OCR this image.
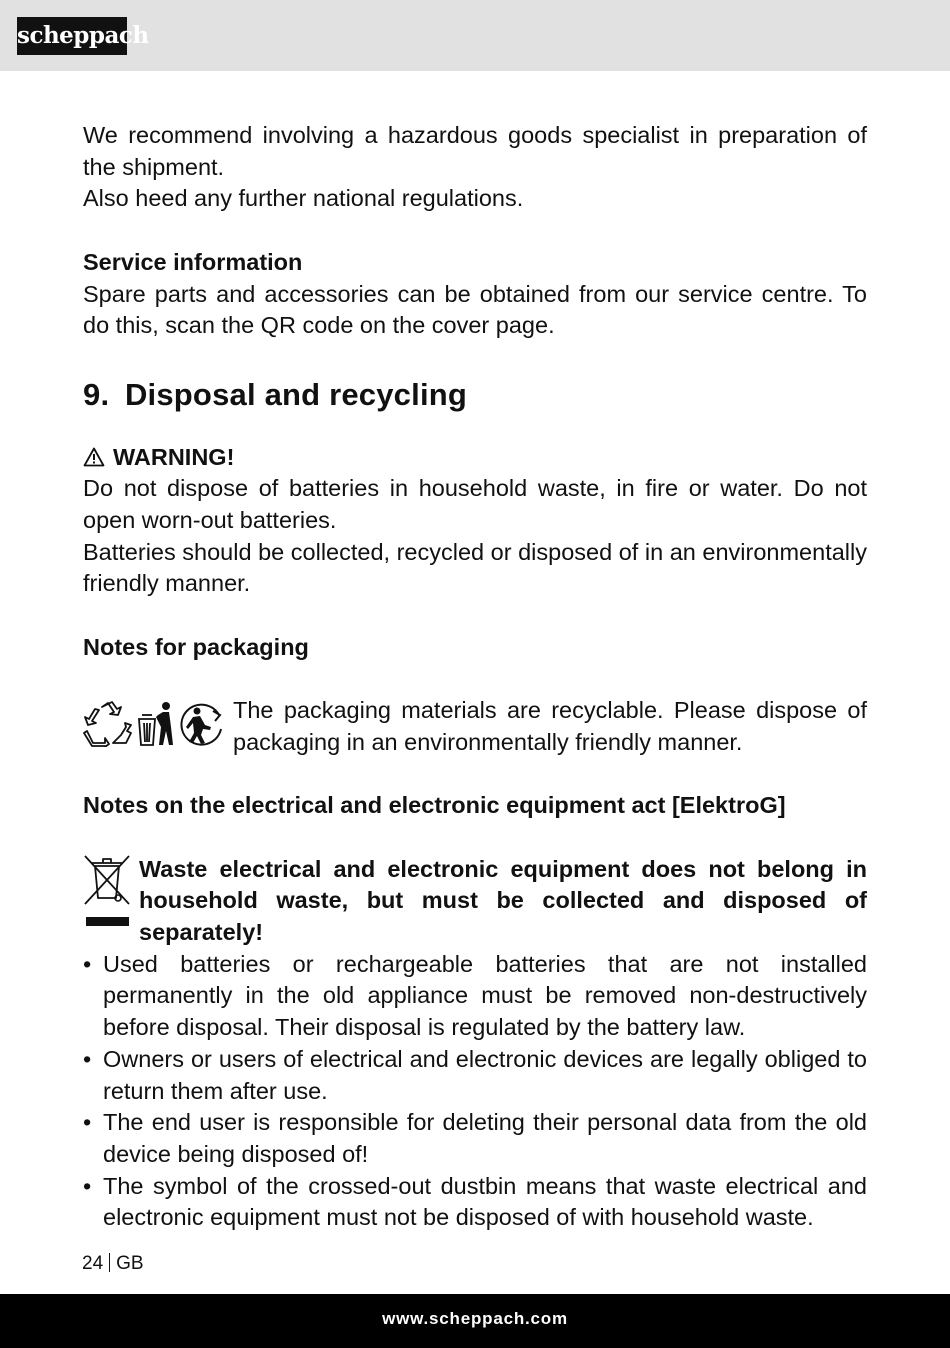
scheppach

We recommend involving a hazardous goods specialist in preparation of the shipment.

Also heed any further national regulations.

Service information

Spare parts and accessories can be obtained from our service centre. To do this, scan the QR code on the cover page.

9. Disposal and recycling

WARNING!

Do not dispose of batteries in household waste, in fire or water. Do not open worn-out batteries.

Batteries should be collected, recycled or disposed of in an environmentally friendly manner.

Notes for packaging

The packaging materials are recyclable. Please dispose of packaging in an environmentally friendly manner.

Notes on the electrical and electronic equipment act [ElektroG]

Waste electrical and electronic equipment does not belong in household waste, but must be collected and disposed of separately!

• Used batteries or rechargeable batteries that are not installed permanently in the old appliance must be removed non-destructively before disposal. Their disposal is regulated by the battery law.
• Owners or users of electrical and electronic devices are legally obliged to return them after use.
• The end user is responsible for deleting their personal data from the old device being disposed of!
• The symbol of the crossed-out dustbin means that waste electrical and electronic equipment must not be disposed of with household waste.
24 GB
www.scheppach.com
